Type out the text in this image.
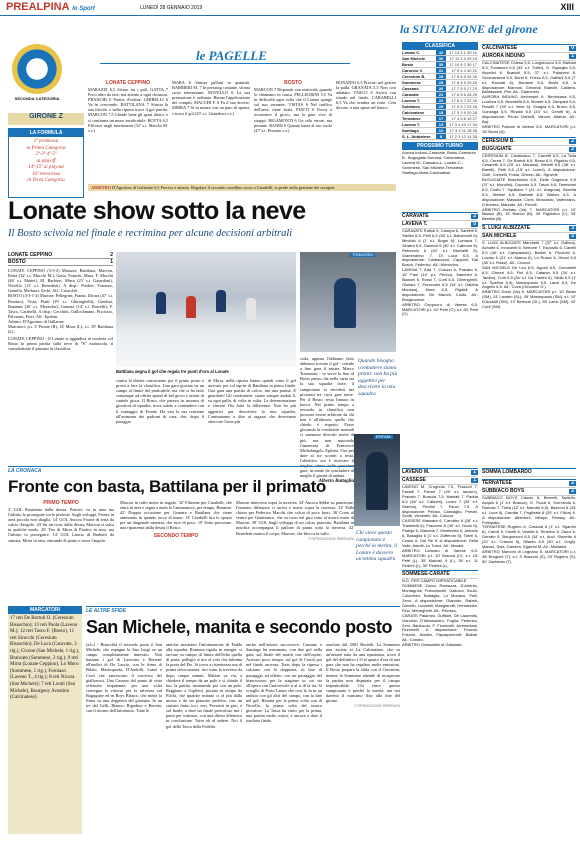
PREALPINA lo Sport	LUNEDÌ 28 GENNAIO 2019	XIII
SECONDA CATEGORIA
GIRONE Z
LA FORMULA
1ª promossa
in Prima Categoria
2ª-3ª-4ª-5ª
ai playoff
14ª-15ª ai playout
16ª retrocessa
in Terza Categoria
le PAGELLE
LONATE CEPPINO

MARAZZI 6,5 Sicuro tra i pali. GATTA 7 Poco altro da fare, ma attento a ogni chiusura. FRANCHI 6 Partita d'ordine. GHIRELLI 6 Va in crescendo. BATTILANA 7 Sfrutta la sua fisicità, e nella ripresa trova il gol partita. MARCON 7,5 Chiude bene gli spazi dietro, e si conferma un muro invalicabile. BOTTA 6,5 Efficace negli inserimenti (32' s.t. Macchi M. s.v.)

MARA 6 Smista palloni in quantità. BARBIERI M. 7 In pressing costante, sforna cross interessanti. NOVELLO 6 La sua prestazione è ordinata. Buona l'applicazione dei compiti. MACCHI F. 6 Fa il suo dovere. MIRRA 7 Si fa notare con un paio di spunti, e trova il gol (23' s.t. Gaiardoni s.v.)

BOSTO

MARCON 7 Risponde con reattività, quando lo chiamano in causa. PELLEGRINI 5,5 Va in difficoltà ogni volta che il Lonate spinge sul suo versante. VISTAS 6 Nel traffico dell'area, tiene botta. PIATTI 6 Prova a ricostruire il gioco, ma la gara vive di strappi. RIGAMONTI 6 Un solo errore, ma pesante. BANDI 6 Quanto basta al suo ruolo (47' s.t. Pezzino s.v.)

BONANNI 6,5 Preciso nel gestire la palla. GRANATA 5,5 Non così adattato. TASCO 6 Arriva con ritardo nel finale. CARABELLI 6,5 Va che sembra un forte. Cela dovuto, a una spina nel fianco.

ARBITRO D'Agostino di Gallarate 6,5 Preciso e attento. Regolare il secondo cartellino rosso a Carabelli; si perde nella gestione dei recuperi.
la SITUAZIONE del girone
CLASSIFICA
Lonate C.	42	17 13 3 1 39 16
San Michele	36	17 11 3 3 39 19
Bosto	35	17 10 5 2 30 17
Caronno V.	31	17 9 4 4 30 21
Ceresium B.	28	17 8 4 5 34 26
Sommese	28	17 8 4 5 29 25
Cassano	26	17 7 5 5 27 23
Caravate	23	17 6 5 6 28 29
Lavena T.	22	17 6 4 7 22 26
Subbiaco	20	17 5 5 7 23 26
Calcinatese	18	17 5 3 9 20 28
Ternatese	17	17 4 5 8 19 27
Lavena T.	13	17 3 4 10 17 34
Santiago	12	17 3 3 11 18 35
S. L. Abbiatese	9	17 2 3 12 14 35
PROSSIMO TURNO

Aurora Induno-Caravate, Bosto-Ceresium B., Bugugiate-Somma, Calcinatese-Lavena M., Cassano-L. Lonate C.-Sommese, San Michele-Ternatese, Santiago-Mara-Calcinatese

CARAVATE	2
LAVENA T.	0

CARAVATE Rottoli 6, Canepa 6, Sanfelli 6, Stellini 6,5, Pelli 6,5 (38' s.t. Balcebrolli 6), Minchio 6 (1' s.t. Bogni 6), Lumaca 7, Sinatra 6,5, Gavezzi 6 (30' s.t. Cabrone 6), Rebecchi 6 (40' s.t. Bischetti 6), Giammarino 7, Di Luca 6,5. A disposizione: Colaiacomo, Capponi, Dal Bosco, Federico. All.: Monevino.

LAVENA T. Ada 7, Colozzi 6, Pravato 6, 15' Fani (10' p.t. Perino), Marchini 6, Bianchi 6, Rossi 7, Corti 6,5, Ghiringhelli, Giuliani 7, Porezzani 6,5 (34' s.t. Daleba Moussa), Mora 6,5, Rigaldi. A disposizione: De Marchi, Costo. All.: Bongiovanni.

ARBITRO Ceppuoro di Varese 6,5. MARCATORI p.t. 40' Petri (C); s.t. 30' Petri (C).

CALCINATESE	0
AURORA INDUNO	1

CALCINATESE Chiesa 5,5, Longobucco 5,5, Barban 5,5, Tomasoni 5,5 (33' s.t. Tuttei), G. Squeglia 5,5, Ascelini 6, Braschi 5,5, 37' s.t. Palazzini 6, Scornavacca 5,5, Borel 6, Frizza 5,5, Galliani 5,5 (7' s.t. Rancati 6), Bonanni 6,5, Bovis 6,5. A disposizione: Marnoni, Gimondi, Bianchi, Caldera, Baldassare, Pini. All.: Galeonesi.

AURORA INDUNO Ambrosini 6, Benincasa 6,5, Lucifora 6,5, Brambilla 6,5, Moretti 6,5, Zampieri 6,5, Roselli 7 (39' s.t. Vece 6), Scaglia 6,5, Bruno 6,5, Gonzaga 6,5, Rinaldi 6,5 (33' s.t. Cerotti 6). A disposizione: Pensi, Danielli, Vanoni, Altardo. All.: Baj.

ARBITRO Palvani di Varese 6,5. MARCATORI p.t. 18' Bovis (A).

CERESIUM B.	2
BUGUGIATE	2

CERESIUM B. Castriciano 7, Carretti 6,5, La Tella 6,5, Cerea 7, De Bortoli 6,5, Bossi 6,5, Rigaldo 6,5, Cesaretti 6,5 (25' s.t. Marassi), Melotti 6,5 (38' s.t. Barelli), Petti 6,5 (15' s.t. Lucini). A disposizione: Golfi, Coricelli, Fosta, Ghezzi. All.: Sgrivelli.

BUGUGIATE Baschirotto 6,5, Delle Gagnone 6,5 (37' s.t. Mondini), Cazzola 6,5, Tasco 6,5, Tamborini 6,5, Ciotto 7, Squillace 7 (41' s.t. Aragona), Beretta 6,5, Stefani 6,5, Barbatti 6,5, Blanco 6,5. A disposizione: Massola, Conti, Moscardo, Valenzano, D'Andrea, Marzato. All.: Perotti.

ARBITRO Zerbato (Va) 7. MARCATORI p.t. 10' Bianco (B), 15' Bianco (B), 30' Rigoldino (C); 39' Beretta (B).

S. LUIGI ALBIZZATE	3
SAN MICHELE	5

S. LUIGI ALBIZZATE Marchetti 7 (37' s.t. Gallina), Achofie 6, Innocenti 6, Bertone 7, Esposito 6, Cavelli 6,5 (40' s.t. Campaniolo), Bartoli 6, Piccinini 6, Lovato 6 (31' s.t. Manca 6), Lo Russo 6, Dinari 6,5 (38' s.t. Rossi). All.: Cicocci.

SAN MICHELE De Leo 6,5, Agosti 6,5, Ceccarelli 6,5, Ghezzi 6,5, Fini 6,5, Catania 6,5 (34' s.t. Tambo), Corti 6,5 (34' s.t. Da Tradeo 6), Sibilo 6,5 (1' s.t. Spelina 6,5), Mastropaolo 6,5, Lanzi 6,5, De Angelis 6,5. All.: Cova (Giovanni G.).

ARBITRO Dodo (Va) 6. MARCATORI p.t. 10' Bilato (SM), 24' Lavarin (SL), 35' Mastropaolo (SM); s.t. 10' D'Andolfi (SM), 13' Bertone (SL), 35' Lanzi (SM), 42' Corti (SM).

Lonate show sotto la neve
Il Bosto scivola nel finale e recrimina per alcune decisioni arbitrali
LONATE CEPPINO	2
BOSTO	1

LONATE CEPPINO (3-5-2) Marazzi; Battilana, Marcon, Botta (32' s.t. Macchi M.), Gatta, Franchi, Mara, F. Macchi (46' s.t. Mattei), M. Barbieri, Mirra (23' s.t. Gaiardoni), Novello (13' s.t. Benedetti). A disp.: Prederi, Tonazzo, Gonella, Meduzzi, Zerbi. All.: Cristofoli.

BOSTO (4-3-1-2) Marcon; Pellegrini, Franta, Dicara (47' s.t. Pezzino), Vista; Piatti (19' s.t. Ghiringhelli), Giardini, Bonanni (36' s.t. Mezzolia); Granata (14' s.t. Borrelli); F. Tasco, Carabelli. A disp.: Cecchini, Galloclamino, Pisciotto, Palvarini, Fiori. All.: Epifani.

Arbitro: D'Agostino di Gallarate.

Marcatori: p.t. 3' Pronte (B), 14' Mirra (L); s.t. 39' Battilana (L).

LONATE CEPPINO - Il Lonate si aggiudica in trasferta col Bosto la prima partita sulla neve di "S" maiuscola, il consolidando il primato in classifica.

Battilana segna il gol che regala tre punti d'oro al Lonate
TOMASSINI
Quando bisogna combattere siamo pronti: non ho più aggettivi per descrivere la mia squadra

contro la diretta concorrente per il primo posto e prova a fare la classifica. Una gara giocata su un campo al limite del praticabile, ma che ci ha fatto comunque ad offrire spunti di bel gioco e azioni di cautele gioca. Il Bosto, che pareva in assenza di giocatori di squadra, trova subito a contendere con il vantaggio di Fronte. Ha vita la sua reazione all'avanzata dei padroni di casa, che, dopo il pareggio

di Mirra, nella ripresa hanno quindi vinto il gol arrivato poi col tap-in di Battilana in pieno finale. Una gara una partita di calcio, ma una partita. E guardate? Gli combattere: siamo sempre andati lì, su ogni palla, di volta in volta. La determinazione a vincere l'ha fatta la differenza. Non ho più aggettivi per descrivere la mia squadra. Continuiamo a dire ai ragazzi che dovevamo attaccare l'area più

coda, appena l'abbiamo fatto abbiamo trovato il gol - sorride a fine gara il mister, Marco Tomassini - se serve la fine al Bosto penso che nella carta sia la sua squadra forte, il campionato si deciderà nei prossimi tre circa gare mese. Per il Bosto, resta l'amaro in bocca. Nel primo tempo a seconda in classifica non possono essere arbitrate da chi non è all'altezza, quello che chiedo è rispetto. Forse giocando la condizioni normali ci saremmo divertiti anche di più, ma non nascondo l'amarezza di Francesco Michelangelo Epifani. Ora per dare ai tre scontri a testa, l'obiettivo ora è ritrovare il miglior ritmo nelle prossime gare, in modo da concludere al meglio il girone di andata.

Alberto Battaglia
EPIFANI
Chi vince questo campionato è perché lo merita, il Lonate è davvero un'ottima squadra
LA CRONACA
Fronte con basta, Battilana per il primato
PRIMO TEMPO

3' GOL Punizione dalla destra. Piattivi: va in area ma l'arbitro fa proseguire tra le proteste. Sugli sviluppi, Fronte in area piccola non sbaglia. 14' GOL Ancora Fronte di testa da calcio d'angolo. 20' Su un cross dalla destra, Marcon si salva in qualche modo. 26' Tiro di Mirra di Piattivi in area, ma l'arbitro fa proseguire. 14' GOL Lancio di Barbieri da sinistra, Mirra in area, entrando di piatto e trova l'angolo.

Marcon in tuffo mette in angolo. 32' Filtrante per Carabelli, che entra in area e segna a nudo lo l'ammonisce, per tempo, Bonanni. 42' Doppia occasione per Granata e Battilana che viene ammonito in quando tocca di mano. 14' Carabelli tira lo spazio per un diagonale maestra, che esce di poco. 19' Sotto pressione, una ripartenza dalla destra il Bosto.

SECONDO TEMPO

Marcon intercetta sopra la traversa. 34' Ancora Sebbe su punizione: l'estremo difensore ci arriva e mette sopra la traversa. 32' Palla chiusa per Federico Macchi che calcia di poco fuori. 36' Cross al centro per Gianfranco, che su cross nel giro sotto al nostro muro di Marcon. 39' GOL Sugli sviluppi di un calcio piazzato, Battilana in mischia accompagna il pallone di punta sotto la traversa. 42' Benedetti manca il corpo, Marcon, che blocca in tuffo.

© RIPRODUZIONE RISERVATA
MARCATORI

17 reti De Bortoli O. (Ceresium Bisuschio); 13 reti Paola (Laveno M.); 12 reti Tasco F. (Bosto), 11 reti Sirocchi (Ceresium Bisuschio), De Luca (Caravate, 3 rig.), Cicone (San Michele, 1 rig.), Brancato (Sommese, 2 rig.); 9 reti Mirra (Lonate Ceppino), Lo Moro (Sommese, 1 rig.), Foroiaso (Laveno T., 4 rig.); 8 reti Nicora (San Michele); 7 reti Londi (San Michele), Bourgeoy Avostino (Calcinatese).

LE ALTRE SFIDE
San Michele, manita e secondo posto

(a.b.) - Bisacchia il secondo posto il San Michele, che espugna la San Luigi su un campo completamente innevato. Non bastano i gol di Lavorino e Bertone all'undici di De Lascio, con le firme di Bilato, Mastropaolo, D'Andolfi, Lanzi e Corti che sanciscono il successo dei giallorossi. Una Cassese dal punto di vista offensivo impattante, per una volta consegna la vittoria per la salvezza sul Bugugiate ed in Boys Blanco, che mette la firma su una doppietta del giornata. In un tre dal Gelli, Bianco, Rigodino e Beretta, con il ritorno dall'infortunio. Tutte le

amiche mostrano l'informazione di Fadda alla squadra. Ramaria rigiala in energie: si taccare su campo di limite dell'erba quella di porta, pallegiò si tiro al volo che fulmina la porta del Pio. Si trova a ristrettezza ma di prima un'occasione, tiro sotto la traversa da dopo cinque minuti. Mattati va via, a chiedere il tempo da un palo e si chiude il tuo, la partita, rimanendo poi con un palo. Reggiano e Gigliotti, portata in tempo da Pilchi, che qualche minuto ci al più dalla morsa e da un piazzato perfetto, con un sinistro finito tra i veri. Proventi in giro, e sul finale, a dare un finale pericoloso ma i punti per sottrarre, con una difesa difensiva in conclusione. Tutto ok al sedere. Noi il gol della Tasca della Fedeltà.

anche nell'azione successiva. Cassano e Santiago ha maramato, con due gol nella gara, sul finale del match con dell'ospite. Arrivato poco tempo, sul gol di Ceroli poi nel finale arrivata: Turis dopo la ripresa i calciano con la doppietta, in fase di passaggio ad effetto, con un passaggio del biancorosso per la stagione in cui sta all'opera con l'autorevole ti al si di la tra. Si scioglie di Porto Lanzo che così lo fa in un ambito con gli altri del campo, con la fine nel gol. Ritorna per la prima volta con di Novello, la prima volta del nostro giocatore. La Tasca ha vinto, per la prima, una partita molto ostica, e ancora a dare il risultato finale.

assoluto del 2001 Bortelli. La Sommese non assiste ai La Calcinatese, che su un'azione nata da una ripartenza, trova il gol del definitivo 1-0 al quarto d'ora di una gara che non ha regalato molte emozioni. Il Bosto prepara la sfida con il Ceresium, mentre la Sommese attende di recuperare la partita non disputata per il campo impraticabile. Chi vince questo campionato è perché lo merita, ma noi daremo il massimo fino alla fine del girone.

© RIPRODUZIONE RISERVATA
LAVENO M.	1
CASSESE	1

LAVENO M. Crugnola 7,5, Frascoli 7, Favalli 7, Paroni 7 (40' s.t. Iaccino), Pravato 7, Buacca 7,5, Malnati 7, Padda 6,5 (46' s.t. Cabrieri), Lucini 7 (35' s.t. Gianno), Pedrini 7, Pauzi 7,5. A disposizione: Peloso, Cancaglio, Pretari, Scotti, Viccentin. All.: Colucci.

CASSESE Massara 6, Carobbo 6 (28' s.t. Trambetti 6), Fraccaro 6 (40' s.t. Dodo 6), Padoja 6, Biancha 7, Montevitto 6, Antonio 6, Basaglia 6 (1' s.t. Zufferoni 6), Tahiri 6, Cosso 6, Del Re 6. A disposizione: Della Valle, Astolfi, Lo Turco. All.: Marani.

ARBITRO Lanzaro di Varese 6,5. MARCATORI p.t. 10' Branca (C); s.t. 15' Petti (L), 35' Malnati; 9 (L), 35' s.t. 11 Pedrini (L), 30' Pedrini (L).

SOMMESE-CARATE

N.D. PER CAMPO IMPRATICABILE

SOMMESE Zocco Ramazza, D'Ariento, Montagnoli, Francescelli, Galtucci, Scuto, Colombini, Battaglia, Lo Monaco, Pelli, Zeno. A disposizione: Gianotto, Rabeti, Donello, Lucarelli, Mangiarotti, Hernandez, Fino, Meneghetti. All.: Pelosso.

CARATE Palamini, Guffanti, De Laurentis, Garnisio, D'Alessandro, Foglia, Federico, Zeni, Bauluccio, F. Fiumicelli, Arrimontani, Fiumicelli. A disposizione: Pozzoli, Frisone, Abatini, Papaspennelli, Balbal. All.: Curiato.

ARBITRO Grassadini di Gallarate.

SOMMA LOMBARDO
TERNATESE	2
SUBBIACO BOYS	2

SUBBIACO BOYS Cascio 6, Berretti, Tadiello, Acquis 6 (1' s.t. Branca), G. Truzzi 6, Sormivola 6, Rumolo 7, Turisi (12' s.t. Marotto 6,5), Bazzoni 6 (33' s.t. Luca 6), Carotta 7, Puglieale 6 (25' s.t. Fillon) 6. A disposizione: Albertoni, Mbaye, Rimsky. All.: Poliopalio.

TERNATESE Rugiero 6, Cassola 6 (1' s.t. Sgarrini 6), Carioli 6, Cinelli 6, Venetti 6, Tenerico 6, Zanoi 6, Gerrato 6, Borgonzoni 6,5 (34' s.t. Ancl, Sionetto 6 (22' s.t. Crascio 6), Sfianto 6,5 (30' s.t. Gogli). Maroni, Sola, Galcera, Sgarrini M. All.: Mattarini.

ARBITRO Marconi di Legnano 6. MARCATORI p.t. 48' Borgioni (T); s.t. 3' Bazzoni (S), 25' Rugiero (S), 50' Zantamio (T).
